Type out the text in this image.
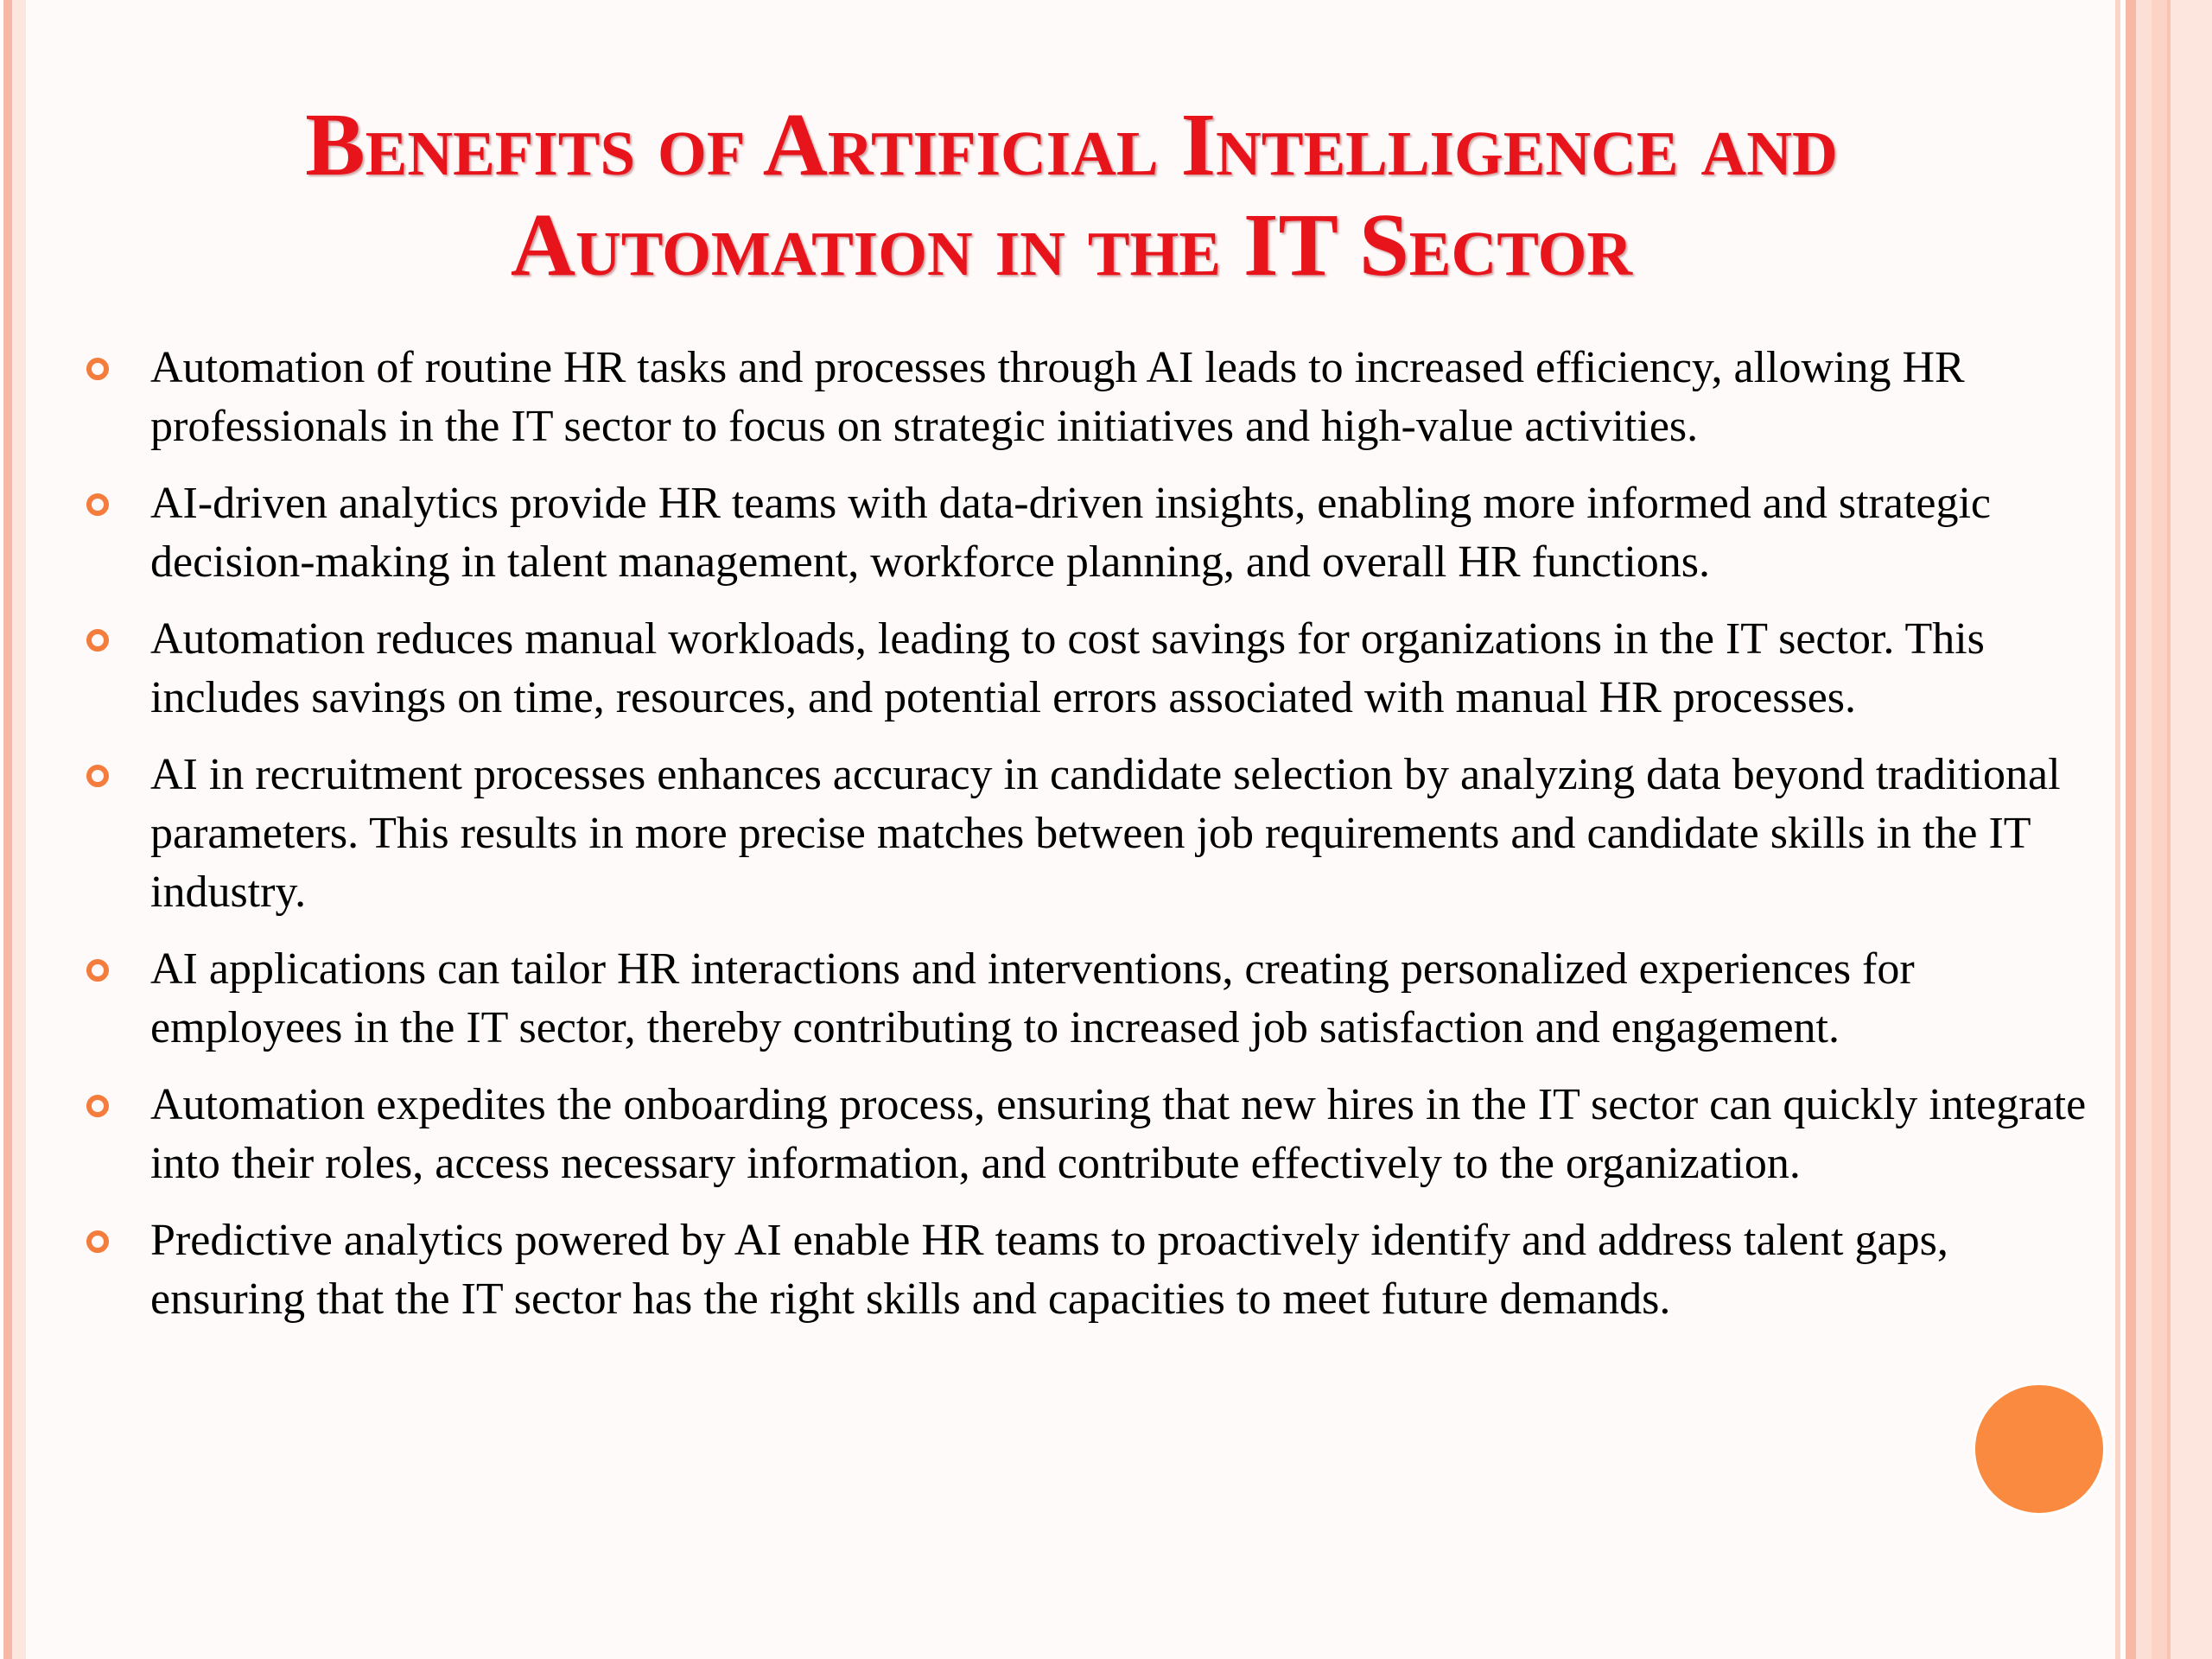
Benefits of Artificial Intelligence and Automation in the IT Sector
Automation of routine HR tasks and processes through AI leads to increased efficiency, allowing HR professionals in the IT sector to focus on strategic initiatives and high-value activities.
AI-driven analytics provide HR teams with data-driven insights, enabling more informed and strategic decision-making in talent management, workforce planning, and overall HR functions.
Automation reduces manual workloads, leading to cost savings for organizations in the IT sector. This includes savings on time, resources, and potential errors associated with manual HR processes.
AI in recruitment processes enhances accuracy in candidate selection by analyzing data beyond traditional parameters. This results in more precise matches between job requirements and candidate skills in the IT industry.
AI applications can tailor HR interactions and interventions, creating personalized experiences for employees in the IT sector, thereby contributing to increased job satisfaction and engagement.
Automation expedites the onboarding process, ensuring that new hires in the IT sector can quickly integrate into their roles, access necessary information, and contribute effectively to the organization.
Predictive analytics powered by AI enable HR teams to proactively identify and address talent gaps, ensuring that the IT sector has the right skills and capacities to meet future demands.
